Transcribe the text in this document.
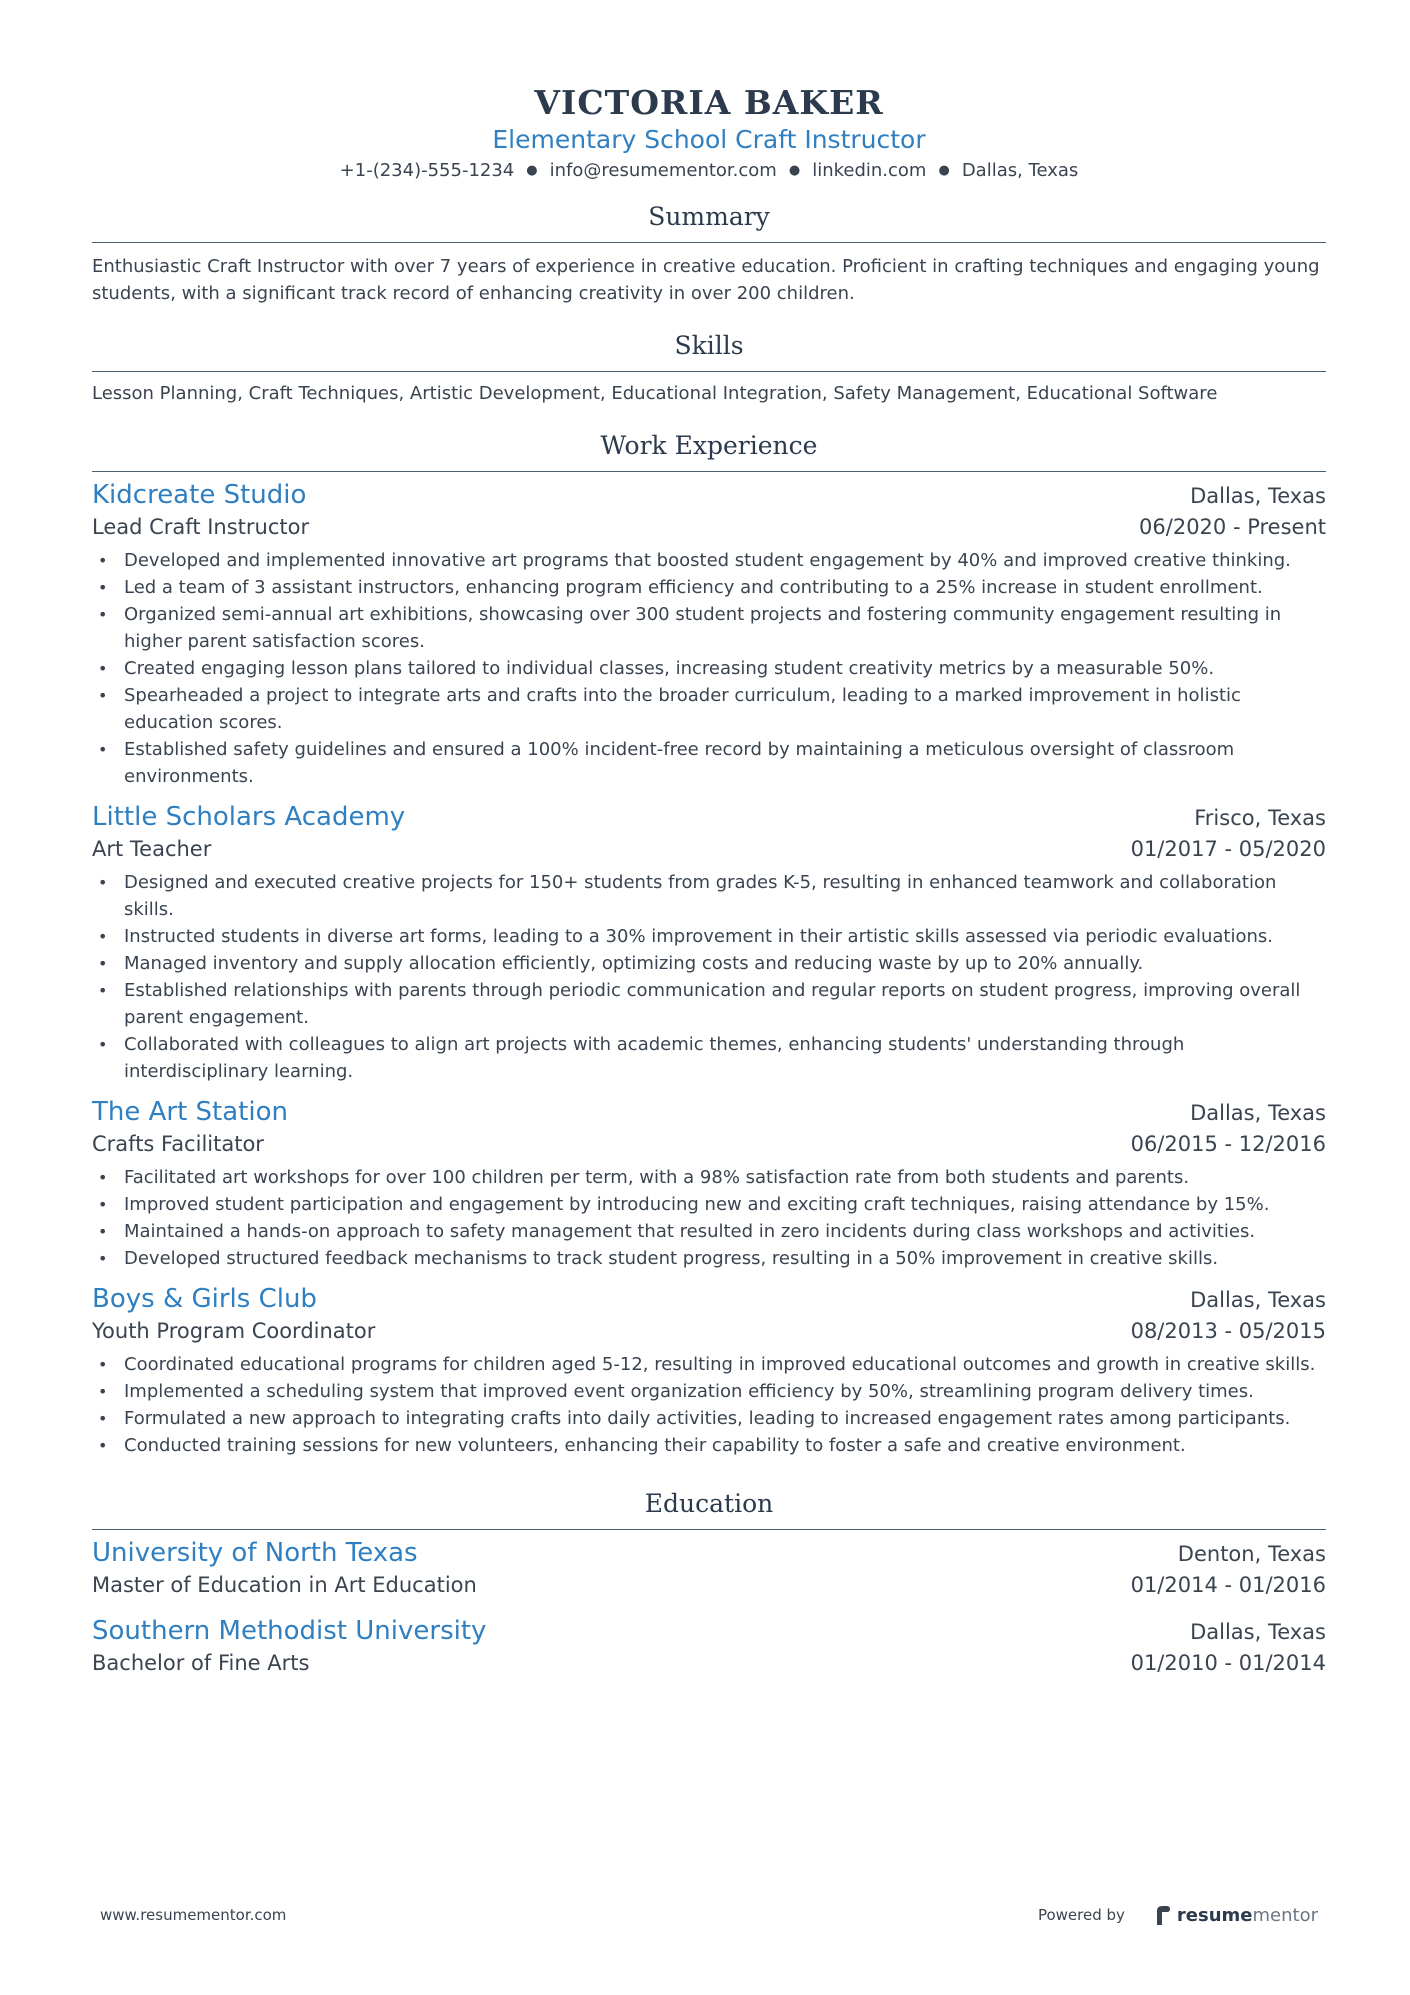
VICTORIA BAKER
Elementary School Craft Instructor
+1-(234)-555-1234 ● info@resumementor.com ● linkedin.com ● Dallas, Texas
Summary
Enthusiastic Craft Instructor with over 7 years of experience in creative education. Proficient in crafting techniques and engaging young students, with a significant track record of enhancing creativity in over 200 children.
Skills
Lesson Planning, Craft Techniques, Artistic Development, Educational Integration, Safety Management, Educational Software
Work Experience
Kidcreate Studio	Dallas, Texas
Lead Craft Instructor	06/2020 - Present
• Developed and implemented innovative art programs that boosted student engagement by 40% and improved creative thinking.
• Led a team of 3 assistant instructors, enhancing program efficiency and contributing to a 25% increase in student enrollment.
• Organized semi-annual art exhibitions, showcasing over 300 student projects and fostering community engagement resulting in higher parent satisfaction scores.
• Created engaging lesson plans tailored to individual classes, increasing student creativity metrics by a measurable 50%.
• Spearheaded a project to integrate arts and crafts into the broader curriculum, leading to a marked improvement in holistic education scores.
• Established safety guidelines and ensured a 100% incident-free record by maintaining a meticulous oversight of classroom environments.
Little Scholars Academy	Frisco, Texas
Art Teacher	01/2017 - 05/2020
• Designed and executed creative projects for 150+ students from grades K-5, resulting in enhanced teamwork and collaboration skills.
• Instructed students in diverse art forms, leading to a 30% improvement in their artistic skills assessed via periodic evaluations.
• Managed inventory and supply allocation efficiently, optimizing costs and reducing waste by up to 20% annually.
• Established relationships with parents through periodic communication and regular reports on student progress, improving overall parent engagement.
• Collaborated with colleagues to align art projects with academic themes, enhancing students' understanding through interdisciplinary learning.
The Art Station	Dallas, Texas
Crafts Facilitator	06/2015 - 12/2016
• Facilitated art workshops for over 100 children per term, with a 98% satisfaction rate from both students and parents.
• Improved student participation and engagement by introducing new and exciting craft techniques, raising attendance by 15%.
• Maintained a hands-on approach to safety management that resulted in zero incidents during class workshops and activities.
• Developed structured feedback mechanisms to track student progress, resulting in a 50% improvement in creative skills.
Boys & Girls Club	Dallas, Texas
Youth Program Coordinator	08/2013 - 05/2015
• Coordinated educational programs for children aged 5-12, resulting in improved educational outcomes and growth in creative skills.
• Implemented a scheduling system that improved event organization efficiency by 50%, streamlining program delivery times.
• Formulated a new approach to integrating crafts into daily activities, leading to increased engagement rates among participants.
• Conducted training sessions for new volunteers, enhancing their capability to foster a safe and creative environment.
Education
University of North Texas	Denton, Texas
Master of Education in Art Education	01/2014 - 01/2016
Southern Methodist University	Dallas, Texas
Bachelor of Fine Arts	01/2010 - 01/2014
www.resumementor.com	Powered by	resume mentor
